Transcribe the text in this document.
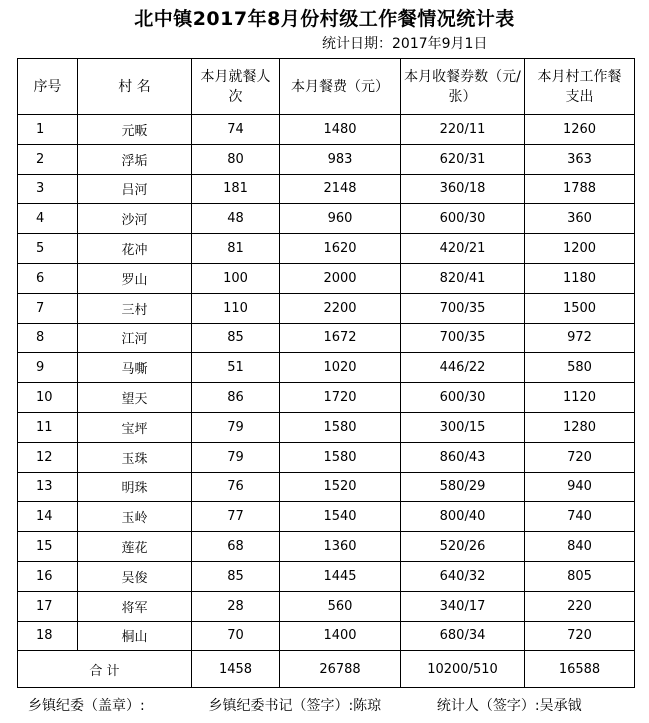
北中镇2017年8月份村级工作餐情况统计表
统计日期：2017年9月1日
序号	村 名	本月就餐人 次	本月餐费（元）	本月收餐券数（元/张）	本月村工作餐支出
1	元畈	74	1480	220/11	1260
2	浮垢	80	983	620/31	363
3	吕河	181	2148	360/18	1788
4	沙河	48	960	600/30	360
5	花冲	81	1620	420/21	1200
6	罗山	100	2000	820/41	1180
7	三村	110	2200	700/35	1500
8	江河	85	1672	700/35	972
9	马嘶	51	1020	446/22	580
10	望天	86	1720	600/30	1120
11	宝坪	79	1580	300/15	1280
12	玉珠	79	1580	860/43	720
13	明珠	76	1520	580/29	940
14	玉岭	77	1540	800/40	740
15	莲花	68	1360	520/26	840
16	吴俊	85	1445	640/32	805
17	将军	28	560	340/17	220
18	桐山	70	1400	680/34	720
合 计		1458	26788	10200/510	16588
乡镇纪委（盖章）:	乡镇纪委书记（签字）:陈琼	统计人（签字）:吴承钺
